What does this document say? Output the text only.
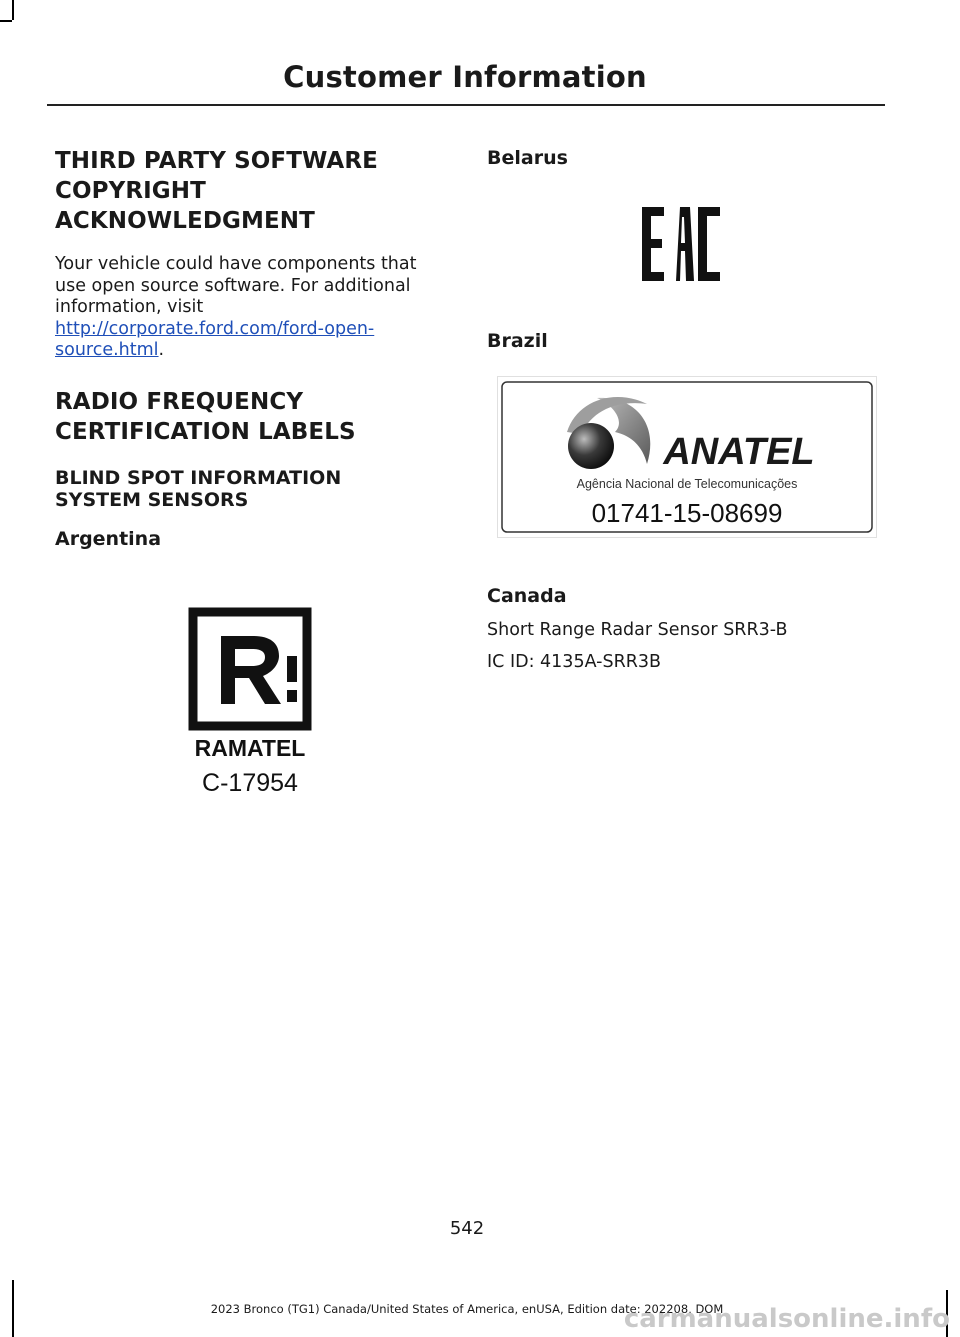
Customer Information
THIRD PARTY SOFTWARE
COPYRIGHT
ACKNOWLEDGMENT

Your vehicle could have components that use open source software. For additional information, visit http://corporate.ford.com/ford-open-source.html.

RADIO FREQUENCY
CERTIFICATION LABELS
BLIND SPOT INFORMATION
SYSTEM SENSORS
Argentina
RAMATEL
C-17954
Belarus
Brazil
Canada

Short Range Radar Sensor SRR3-B

IC ID: 4135A-SRR3B

ANATEL
Agência Nacional de Telecomunicações
01741-15-08699
542
2023 Bronco (TG1) Canada/United States of America, enUSA, Edition date: 202208, DOM
carmanualsonline.info
